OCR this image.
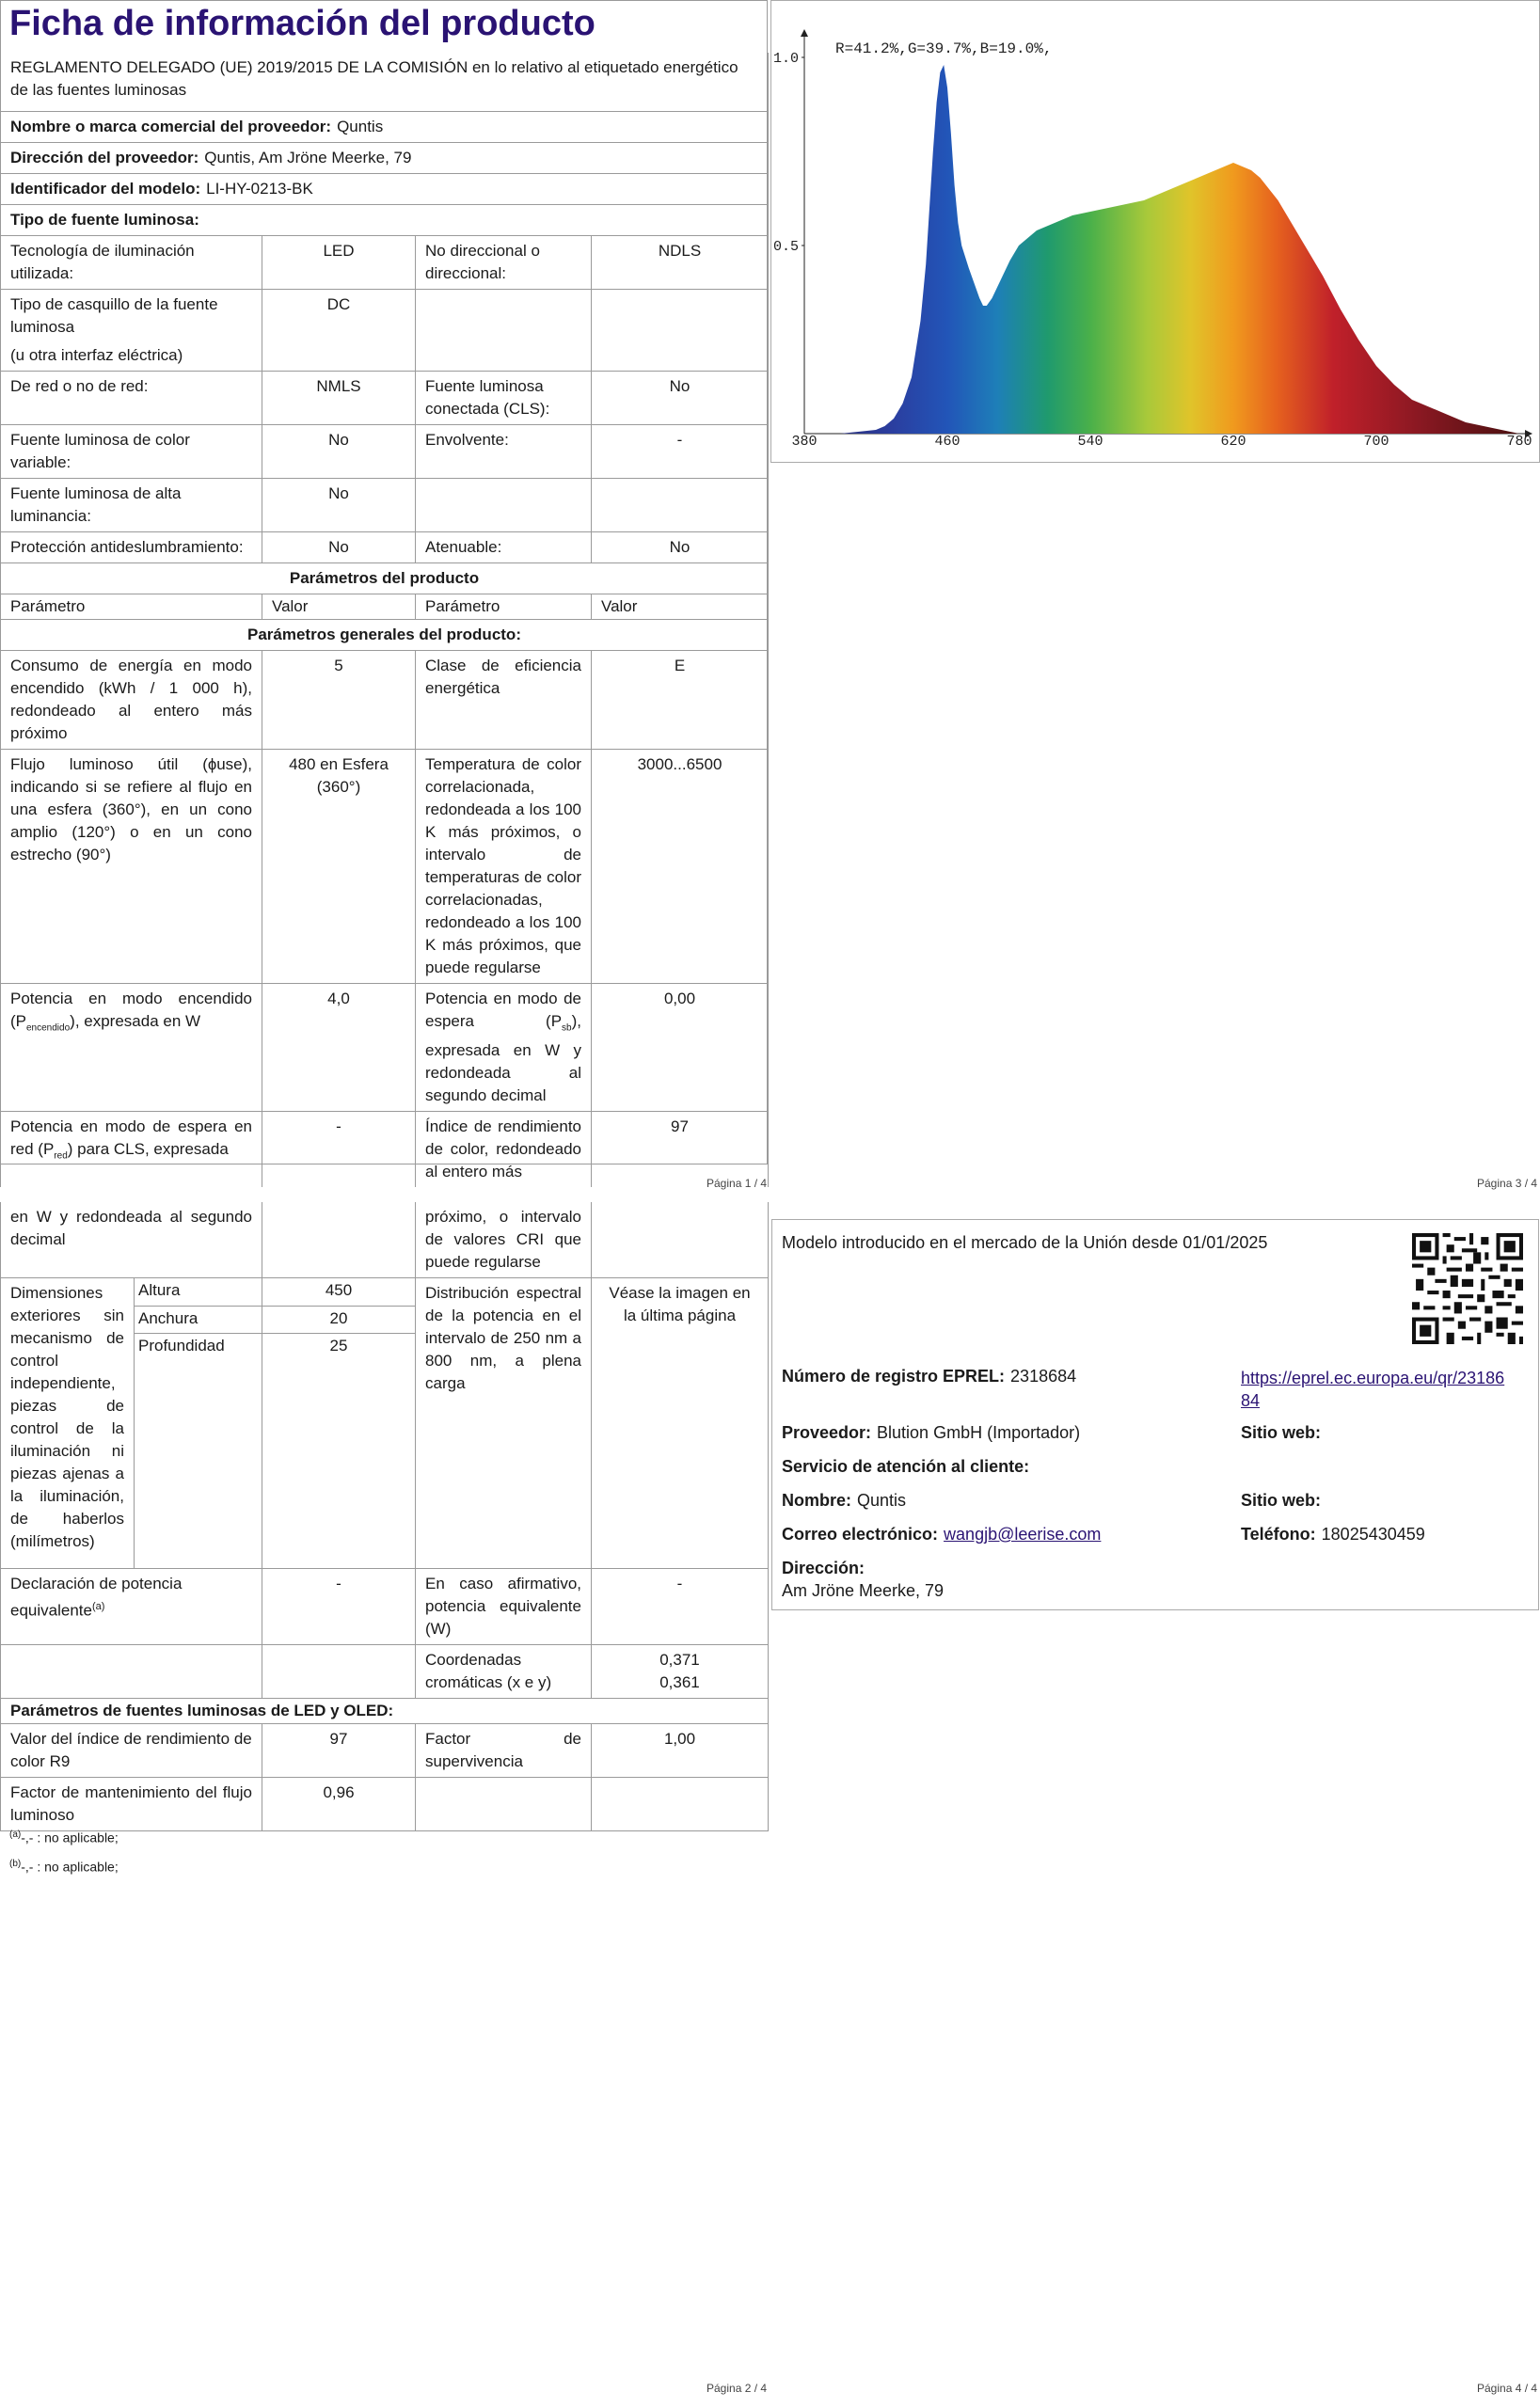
Ficha de información del producto
REGLAMENTO DELEGADO (UE) 2019/2015 DE LA COMISIÓN en lo relativo al etiquetado energético de las fuentes luminosas			
Nombre o marca comercial del proveedor: Quntis			
Dirección del proveedor: Quntis, Am Jröne Meerke, 79			
Identificador del modelo: LI-HY-0213-BK			
Tipo de fuente luminosa:			
Tecnología de iluminación utilizada:	LED	No direccional o direccional:	NDLS

Tipo de casquillo de la fuente luminosa
(u otra interfaz eléctrica)	DC		
De red o no de red:	NMLS	Fuente luminosa conectada (CLS):	No
Fuente luminosa de color variable:	No	Envolvente:	-
Fuente luminosa de alta luminancia:	No		
Protección antideslumbramiento:	No	Atenuable:	No
Parámetros del producto			
Parámetro	Valor	Parámetro	Valor
Parámetros generales del producto:			
Consumo de energía en modo encendido (kWh / 1 000 h), redondeado al entero más próximo	5	Clase de eficiencia energética	E
Flujo luminoso útil (ɸuse), indicando si se refiere al flujo en una esfera (360°), en un cono amplio (120°) o en un cono estrecho (90°)	480 en Esfera (360°)	Temperatura de color correlacionada, redondeada a los 100 K más próximos, o intervalo de temperaturas de color correlacionadas, redondeado a los 100 K más próximos, que puede regularse	3000...6500
Potencia en modo encendido $(P_{encendido})$, expresada en W	4,0	Potencia en modo de espera $(P_{sb})$, expresada en W y redondeada al segundo decimal	0,00
Potencia en modo de espera en red $(P_{red})$ para CLS, expresada	-	Índice de rendimiento de color, redondeado al entero más	97
Página 1 / 4
en W y redondeada al segundo decimal			próximo, o intervalo de valores CRI que puede regularse	
Dimensiones exteriores sin mecanismo de control independiente, piezas de control de la iluminación ni piezas ajenas a la iluminación, de haberlos (milímetros)	Altura	450	Distribución espectral de la potencia en el intervalo de 250 nm a 800 nm, a plena carga	Véase la imagen en la última página
	Anchura	20		
	Profundidad	25		
Declaración de potencia equivalente$^{(a)}$		-	En caso afirmativo, potencia equivalente (W)	-
			Coordenadas cromáticas (x e y)	0,371
0,361

Parámetros de fuentes luminosas de LED y OLED:				
Valor del índice de rendimiento de color R9		97	Factor de supervivencia	1,00
Factor de mantenimiento del flujo luminoso		0,96		
$^{(a)}$-,- : no aplicable;
$^{(b)}$-,- : no aplicable;
Página 2 / 4
380	460	540	620	700	780
1.0
0.5
R=41.2%,G=39.7%,B=19.0%,
Página 3 / 4
Modelo introducido en el mercado de la Unión desde 01/01/2025
Número de registro EPREL: 2318684	https://eprel.ec.europa.eu/qr/2318684
Proveedor: Blution GmbH (Importador)	Sitio web:
Servicio de atención al cliente:
Nombre: Quntis	Sitio web:
Correo electrónico: wangjb@leerise.com	Teléfono: 18025430459
Dirección:
Am Jröne Meerke, 79
Página 4 / 4
